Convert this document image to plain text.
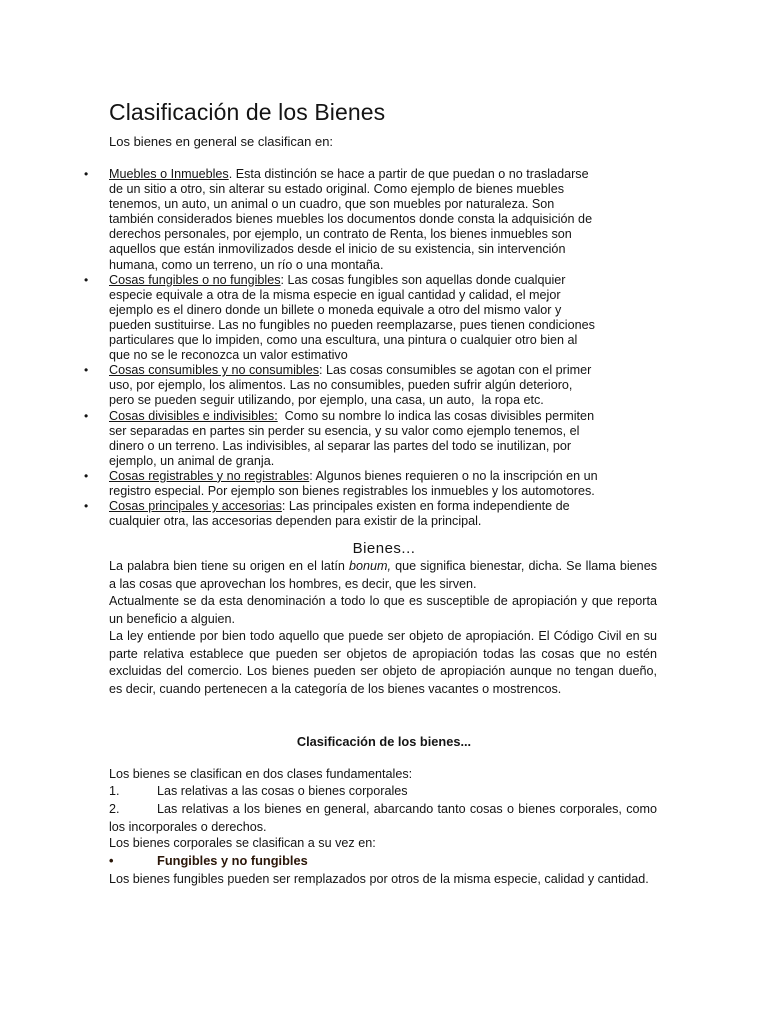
Clasificación de los Bienes
Los bienes en general se clasifican en:
• Muebles o Inmuebles. Esta distinción se hace a partir de que puedan o no trasladarse
de un sitio a otro, sin alterar su estado original. Como ejemplo de bienes muebles
tenemos, un auto, un animal o un cuadro, que son muebles por naturaleza. Son
también considerados bienes muebles los documentos donde consta la adquisición de
derechos personales, por ejemplo, un contrato de Renta, los bienes inmuebles son
aquellos que están inmovilizados desde el inicio de su existencia, sin intervención
humana, como un terreno, un río o una montaña.
• Cosas fungibles o no fungibles: Las cosas fungibles son aquellas donde cualquier
especie equivale a otra de la misma especie en igual cantidad y calidad, el mejor
ejemplo es el dinero donde un billete o moneda equivale a otro del mismo valor y
pueden sustituirse. Las no fungibles no pueden reemplazarse, pues tienen condiciones
particulares que lo impiden, como una escultura, una pintura o cualquier otro bien al
que no se le reconozca un valor estimativo
• Cosas consumibles y no consumibles: Las cosas consumibles se agotan con el primer
uso, por ejemplo, los alimentos. Las no consumibles, pueden sufrir algún deterioro,
pero se pueden seguir utilizando, por ejemplo, una casa, un auto,  la ropa etc.
• Cosas divisibles e indivisibles:  Como su nombre lo indica las cosas divisibles permiten
ser separadas en partes sin perder su esencia, y su valor como ejemplo tenemos, el
dinero o un terreno. Las indivisibles, al separar las partes del todo se inutilizan, por
ejemplo, un animal de granja.
• Cosas registrables y no registrables: Algunos bienes requieren o no la inscripción en un
registro especial. Por ejemplo son bienes registrables los inmuebles y los automotores.
• Cosas principales y accesorias: Las principales existen en forma independiente de
cualquier otra, las accesorias dependen para existir de la principal.
Bienes...

La palabra bien tiene su origen en el latín bonum, que significa bienestar, dicha. Se llama bienes a las cosas que aprovechan los hombres, es decir, que les sirven.

Actualmente se da esta denominación a todo lo que es susceptible de apropiación y que reporta un beneficio a alguien.

La ley entiende por bien todo aquello que puede ser objeto de apropiación. El Código Civil en su parte relativa establece que pueden ser objetos de apropiación todas las cosas que no estén excluidas del comercio. Los bienes pueden ser objeto de apropiación aunque no tengan dueño, es decir, cuando pertenecen a la categoría de los bienes vacantes o mostrencos.

Clasificación de los bienes...

Los bienes se clasifican en dos clases fundamentales:

1.	Las relativas a las cosas o bienes corporales

2.	Las relativas a los bienes en general, abarcando tanto cosas o bienes corporales, como los incorporales o derechos.

Los bienes corporales se clasifican a su vez en:

•	Fungibles y no fungibles

Los bienes fungibles pueden ser remplazados por otros de la misma especie, calidad y cantidad.
